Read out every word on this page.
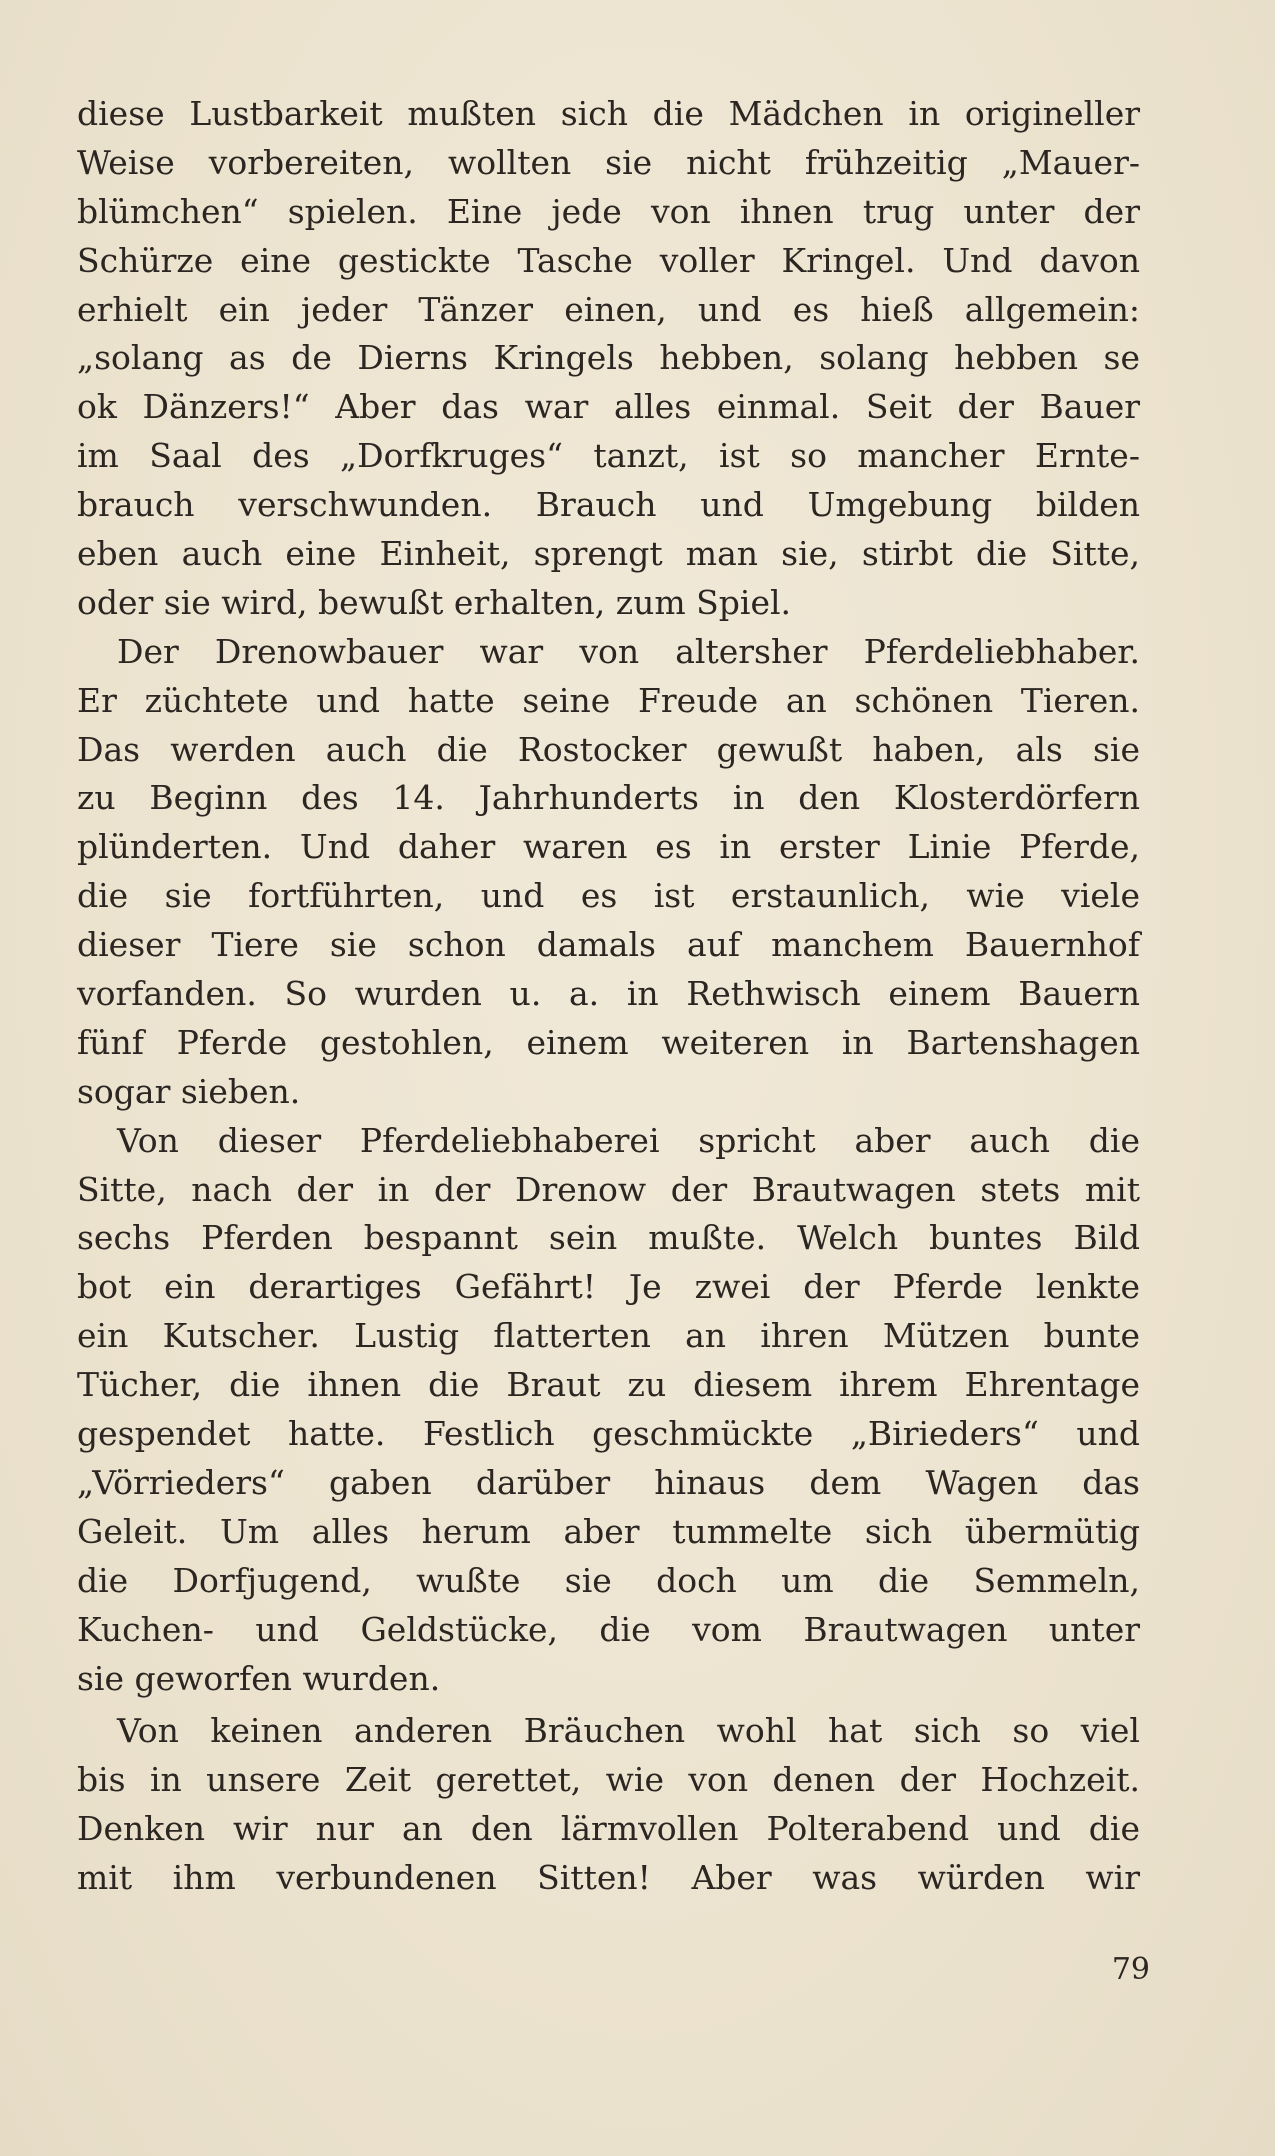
diese Lustbarkeit mußten sich die Mädchen in origineller
Weise vorbereiten, wollten sie nicht frühzeitig „Mauer-
blümchen“ spielen. Eine jede von ihnen trug unter der
Schürze eine gestickte Tasche voller Kringel. Und davon
erhielt ein jeder Tänzer einen, und es hieß allgemein:
„solang as de Dierns Kringels hebben, solang hebben se
ok Dänzers!“ Aber das war alles einmal. Seit der Bauer
im Saal des „Dorfkruges“ tanzt, ist so mancher Ernte-
brauch verschwunden. Brauch und Umgebung bilden
eben auch eine Einheit, sprengt man sie, stirbt die Sitte,
oder sie wird, bewußt erhalten, zum Spiel.

Der Drenowbauer war von altersher Pferdeliebhaber.
Er züchtete und hatte seine Freude an schönen Tieren.
Das werden auch die Rostocker gewußt haben, als sie
zu Beginn des 14. Jahrhunderts in den Klosterdörfern
plünderten. Und daher waren es in erster Linie Pferde,
die sie fortführten, und es ist erstaunlich, wie viele
dieser Tiere sie schon damals auf manchem Bauernhof
vorfanden. So wurden u. a. in Rethwisch einem Bauern
fünf Pferde gestohlen, einem weiteren in Bartenshagen
sogar sieben.

Von dieser Pferdeliebhaberei spricht aber auch die
Sitte, nach der in der Drenow der Brautwagen stets mit
sechs Pferden bespannt sein mußte. Welch buntes Bild
bot ein derartiges Gefährt! Je zwei der Pferde lenkte
ein Kutscher. Lustig flatterten an ihren Mützen bunte
Tücher, die ihnen die Braut zu diesem ihrem Ehrentage
gespendet hatte. Festlich geschmückte „Birieders“ und
„Vörrieders“ gaben darüber hinaus dem Wagen das
Geleit. Um alles herum aber tummelte sich übermütig
die Dorfjugend, wußte sie doch um die Semmeln,
Kuchen- und Geldstücke, die vom Brautwagen unter
sie geworfen wurden.

Von keinen anderen Bräuchen wohl hat sich so viel
bis in unsere Zeit gerettet, wie von denen der Hochzeit.
Denken wir nur an den lärmvollen Polterabend und die
mit ihm verbundenen Sitten! Aber was würden wir

79
